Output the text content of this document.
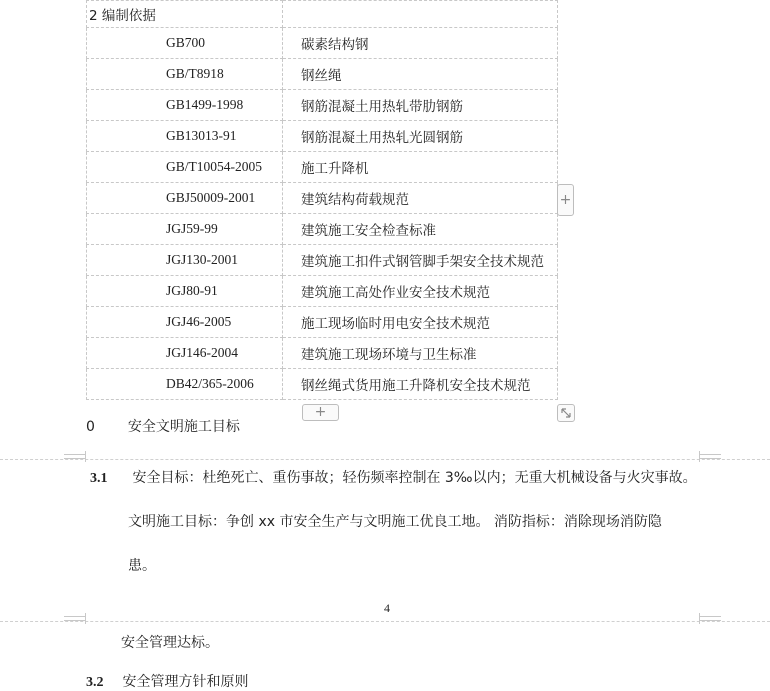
2 编制依据	
GB700	碳素结构钢
GB/T8918	钢丝绳
GB1499-1998	钢筋混凝土用热轧带肋钢筋
GB13013-91	钢筋混凝土用热轧光圆钢筋
GB/T10054-2005	施工升降机
GBJ50009-2001	建筑结构荷载规范
JGJ59-99	建筑施工安全检查标准
JGJ130-2001	建筑施工扣件式钢管脚手架安全技术规范
JGJ80-91	建筑施工高处作业安全技术规范
JGJ46-2005	施工现场临时用电安全技术规范
JGJ146-2004	建筑施工现场环境与卫生标准
DB42/365-2006	钢丝绳式货用施工升降机安全技术规范
+
+
0 安全文明施工目标
3.1 安全目标：杜绝死亡、重伤事故；轻伤频率控制在 3‰以内；无重大机械设备与火灾事故。
文明施工目标：争创 xx 市安全生产与文明施工优良工地。 消防指标：消除现场消防隐
患。
4
安全管理达标。
3.2 安全管理方针和原则
